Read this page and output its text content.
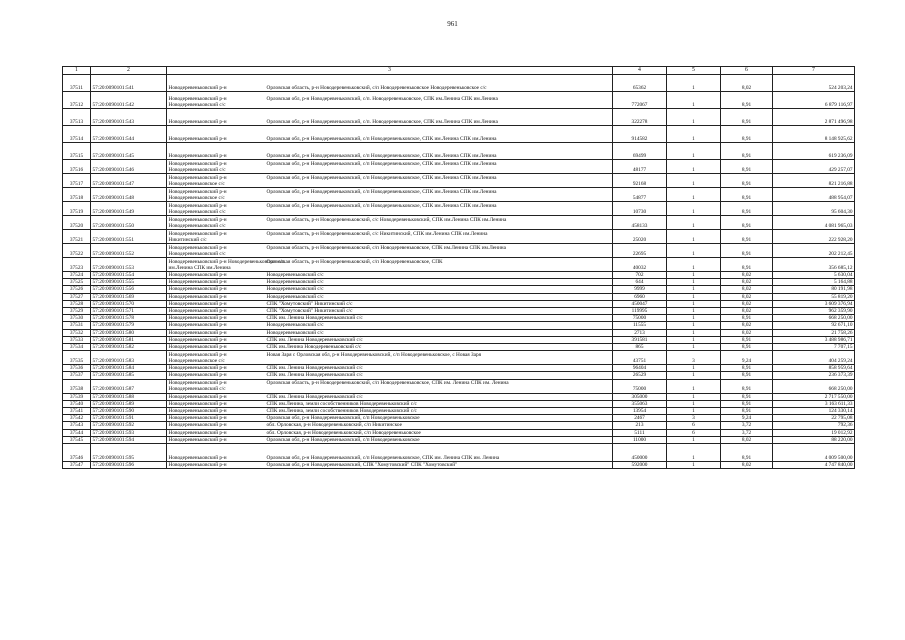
961
1	2	3	4	5	6	7
37511	57:20:0090101:541	Новодеревеньковский р-н Орловская область, р-н Новодеревеньковский, с/п Новодеревеньковское Новодеревеньковское с/с	65362	1	8,02	524 203,24
37512	57:20:0090101:542	Новодеревеньковский р-н Орловская обл, р-н Новодеревеньковский, с/п. Новодеревеньковское, СПК им.Ленина СПК им.Ленина
Новодеревеньковский с/с	772067	1	8,91	6 879 116,97
37513	57:20:0090101:543	Новодеревеньковский р-н Орловская обл, р-н Новодеревеньковский, с/п. Новодеревеньковское, СПК им.Ленина СПК им.Ленина	322278	1	8,91	2 871 496,98
37514	57:20:0090101:544	Новодеревеньковский р-н Орловская обл, р-н Новодеревеньковский, с/п Новодеревеньковское, СПК им.Ленина СПК им.Ленина	914582	1	8,91	8 148 925,62
37515	57:20:0090101:545	Новодеревеньковский р-н Орловская обл, р-н Новодеревеньковский, с/п Новодеревеньковское, СПК им.Ленина СПК им.Ленина	69499	1	8,91	619 236,09
37516	57:20:0090101:546	Новодеревеньковский р-н Орловская обл, р-н Новодеревеньковский, с/п Новодеревеньковское, СПК им.Ленина СПК им.Ленина
Новодеревеньковский с/с	48177	1	8,91	429 257,07
37517	57:20:0090101:547	Новодеревеньковский р-н Орловская обл, р-н Новодеревеньковский, с/п Новодеревеньковское, СПК им.Ленина СПК им.Ленина
Новодеревеньковское с/с	92168	1	8,91	821 216,88
37518	57:20:0090101:548	Новодеревеньковский р-н Орловская обл, р-н Новодеревеньковский, с/п Новодеревеньковское, СПК им.Ленина СПК им.Ленина
Новодеревеньковское с/с	54877	1	8,91	488 954,07
37519	57:20:0090101:549	Новодеревеньковский р-н Орловская обл, р-н Новодеревеньковский, с/п Новодеревеньковское, СПК им.Ленина СПК им.Ленина
Новодеревеньковский с/с	10730	1	8,91	95 604,30
37520	57:20:0090101:550	Новодеревеньковский р-н Орловская область, р-н Новодеревеньковский, с/с Новодеревеньковский, СПК им.Ленина СПК им.Ленина
Новодеревеньковский с/с	458133	1	8,91	4 081 965,03
37521	57:20:0090101:551	Новодеревеньковский р-н Орловская область, р-н Новодеревеньковский, с/с Никитинский, СПК им.Ленина СПК им.Ленина
Никитинский с/с	25020	1	8,91	222 928,20
37522	57:20:0090101:552	Новодеревеньковский р-н Орловская область, р-н Новодеревеньковский, с/п Новодеревеньковское, СПК им.Ленина СПК им.Ленина
Новодеревеньковский с/с	22695	1	8,91	202 212,45
37523	57:20:0090101:553	Новодеревеньковский р-н Новодеревеньковское с/пОрловская область, р-н Новодеревеньковский, с/п Новодеревеньковское, СПК
им.Ленина СПК им.Ленина	40032	1	8,91	356 685,12
37524	57:20:0090101:554	Новодеревеньковский р-н Новодеревеньковский с/с	702	1	8,02	5 630,04
37525	57:20:0090101:555	Новодеревеньковский р-н Новодеревеньковский с/с	644	1	8,02	5 164,88
37526	57:20:0090101:556	Новодеревеньковский р-н Новодеревеньковский с/с	9999	1	8,02	80 191,98
37527	57:20:0090101:569	Новодеревеньковский р-н Новодеревеньковский с/с	6960	1	8,02	55 819,20
37528	57:20:0090101:570	Новодеревеньковский р-н СПК "Хомутовский" Никитинский с/с	450047	1	8,02	3 609 376,94
37529	57:20:0090101:571	Новодеревеньковский р-н СПК "Хомутовский" Никитинский с/с	119995	1	8,02	962 359,90
37530	57:20:0090101:578	Новодеревеньковский р-н СПК им. Ленина Новодеревеньковский с/с	75000	1	8,91	668 250,00
37531	57:20:0090101:579	Новодеревеньковский р-н Новодеревеньковский с/с	11555	1	8,02	92 671,10
37532	57:20:0090101:580	Новодеревеньковский р-н Новодеревеньковский с/с	2713	1	8,02	21 758,26
37533	57:20:0090101:581	Новодеревеньковский р-н СПК им. Ленина Новодеревеньковский с/с	391581	1	8,91	3 488 986,71
37534	57:20:0090101:582	Новодеревеньковский р-н СПК им.Ленина Новодеревеньковский с/с	865	1	8,91	7 707,15
37535	57:20:0090101:583	Новодеревеньковский р-н Новая Заря с Орловская обл, р-н Новодеревеньковский, с/п Новодеревеньковское, с Новая Заря
Новодеревеньковское с/с	43751	3	9,24	404 259,24
37536	57:20:0090101:584	Новодеревеньковский р-н СПК им. Ленина Новодеревеньковский с/с	96404	1	8,91	858 959,64
37537	57:20:0090101:585	Новодеревеньковский р-н СПК им. Ленина Новодеревеньковский с/с	26529	1	8,91	236 373,39
37538	57:20:0090101:587	Новодеревеньковский р-н Орловская область, р-н Новодеревеньковский, с/п Новодеревеньковское, СПК им. Ленина СПК им. Ленина
Новодеревеньковский с/с	75000	1	8,91	668 250,00
37539	57:20:0090101:588	Новодеревеньковский р-н СПК им. Ленина Новодеревеньковский с/с	305000	1	8,91	2 717 550,00
37540	57:20:0090101:589	Новодеревеньковский р-н СПК им.Ленина, земли сособственников Новодеревеньковский с/с	355063	1	8,91	3 163 611,33
37541	57:20:0090101:590	Новодеревеньковский р-н СПК им.Ленина, земли сособственников Новодеревеньковский с/с	13954	1	8,91	124 330,14
37542	57:20:0090101:591	Новодеревеньковский р-н Орловская обл, р-н Новодеревеньковский, с/п Новодеревеньковское	2467	3	9,24	22 795,08
37543	57:20:0090101:592	Новодеревеньковский р-н обл. Орловская, р-н Новодеревеньковский, с/п Никитинское	213	6	3,72	792,36
37544	57:20:0090101:593	Новодеревеньковский р-н обл. Орловская, р-н Новодеревеньковский, с/п Новодеревеньковское	5111	6	3,72	19 012,92
37545	57:20:0090101:594	Новодеревеньковский р-н Орловская обл, р-н Новодеревеньковский, с/п Новодеревеньковское	11000	1	8,02	88 220,00
37546	57:20:0090101:595	Новодеревеньковский р-н Орловская обл, р-н Новодеревеньковский, с/п Новодеревеньковское, СПК им. Ленина СПК им. Ленина	450000	1	8,91	4 009 500,00
37547	57:20:0090101:596	Новодеревеньковский р-н Орловская обл, р-н Новодеревеньковский, СПК "Хомутовский" СПК "Хомутовский"	592000	1	8,02	4 747 840,00
